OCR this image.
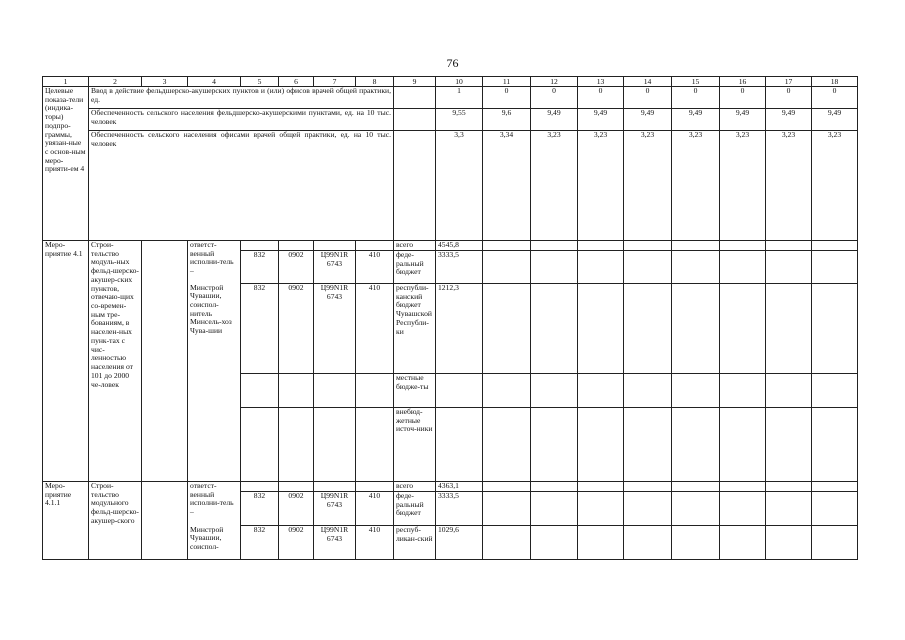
76
1	2	3	4	5	6	7	8	9	10	11	12	13	14	15	16	17	18
Целевые показа-тели (индика-торы) подпро-граммы, увязан-ные с основ-ным меро-прияти-ем 4	Ввод в действие фельдшерско-акушерских пунктов и (или) офисов врачей общей практики, ед.								1	0	0	0	0	0	0	0	0
	Обеспеченность сельского населения фельдшерско-акушерскими пунктами, ед. на 10 тыс. человек								9,55	9,6	9,49	9,49	9,49	9,49	9,49	9,49	9,49
	Обеспеченность сельского населения офисами врачей общей практики, ед. на 10 тыс. человек								3,3	3,34	3,23	3,23	3,23	3,23	3,23	3,23	3,23
Меро-приятие 4.1	Строи-тельство модуль-ных фельд-шерско-акушер-ских пунктов, отвечаю-щих со-времен-ным тре-бованиям, в населен-ных пунк-тах с чис-ленностью населения от 101 до 2000 че-ловек		ответст-венный исполни-тель –					всего	4545,8								
				832	0902	Ц99N1R 6743	410	феде-ральный бюджет	3333,5								
			Минстрой Чувашии, соиспол-нитель Минсель-хоз Чува-шии	832	0902	Ц99N1R 6743	410	республи-канский бюджет Чувашской Республи-ки	1212,3								
								местные бюдже-ты									
								внебюд-жетные источ-ники									
Меро-приятие 4.1.1	Строи-тельство модульного фельд-шерско-акушер-ского		ответст-венный исполни-тель –					всего	4363,1								
				832	0902	Ц99N1R 6743	410	феде-ральный бюджет	3333,5								
			Минстрой Чувашии, соиспол-	832	0902	Ц99N1R 6743	410	респуб-ликан-ский	1029,6								
